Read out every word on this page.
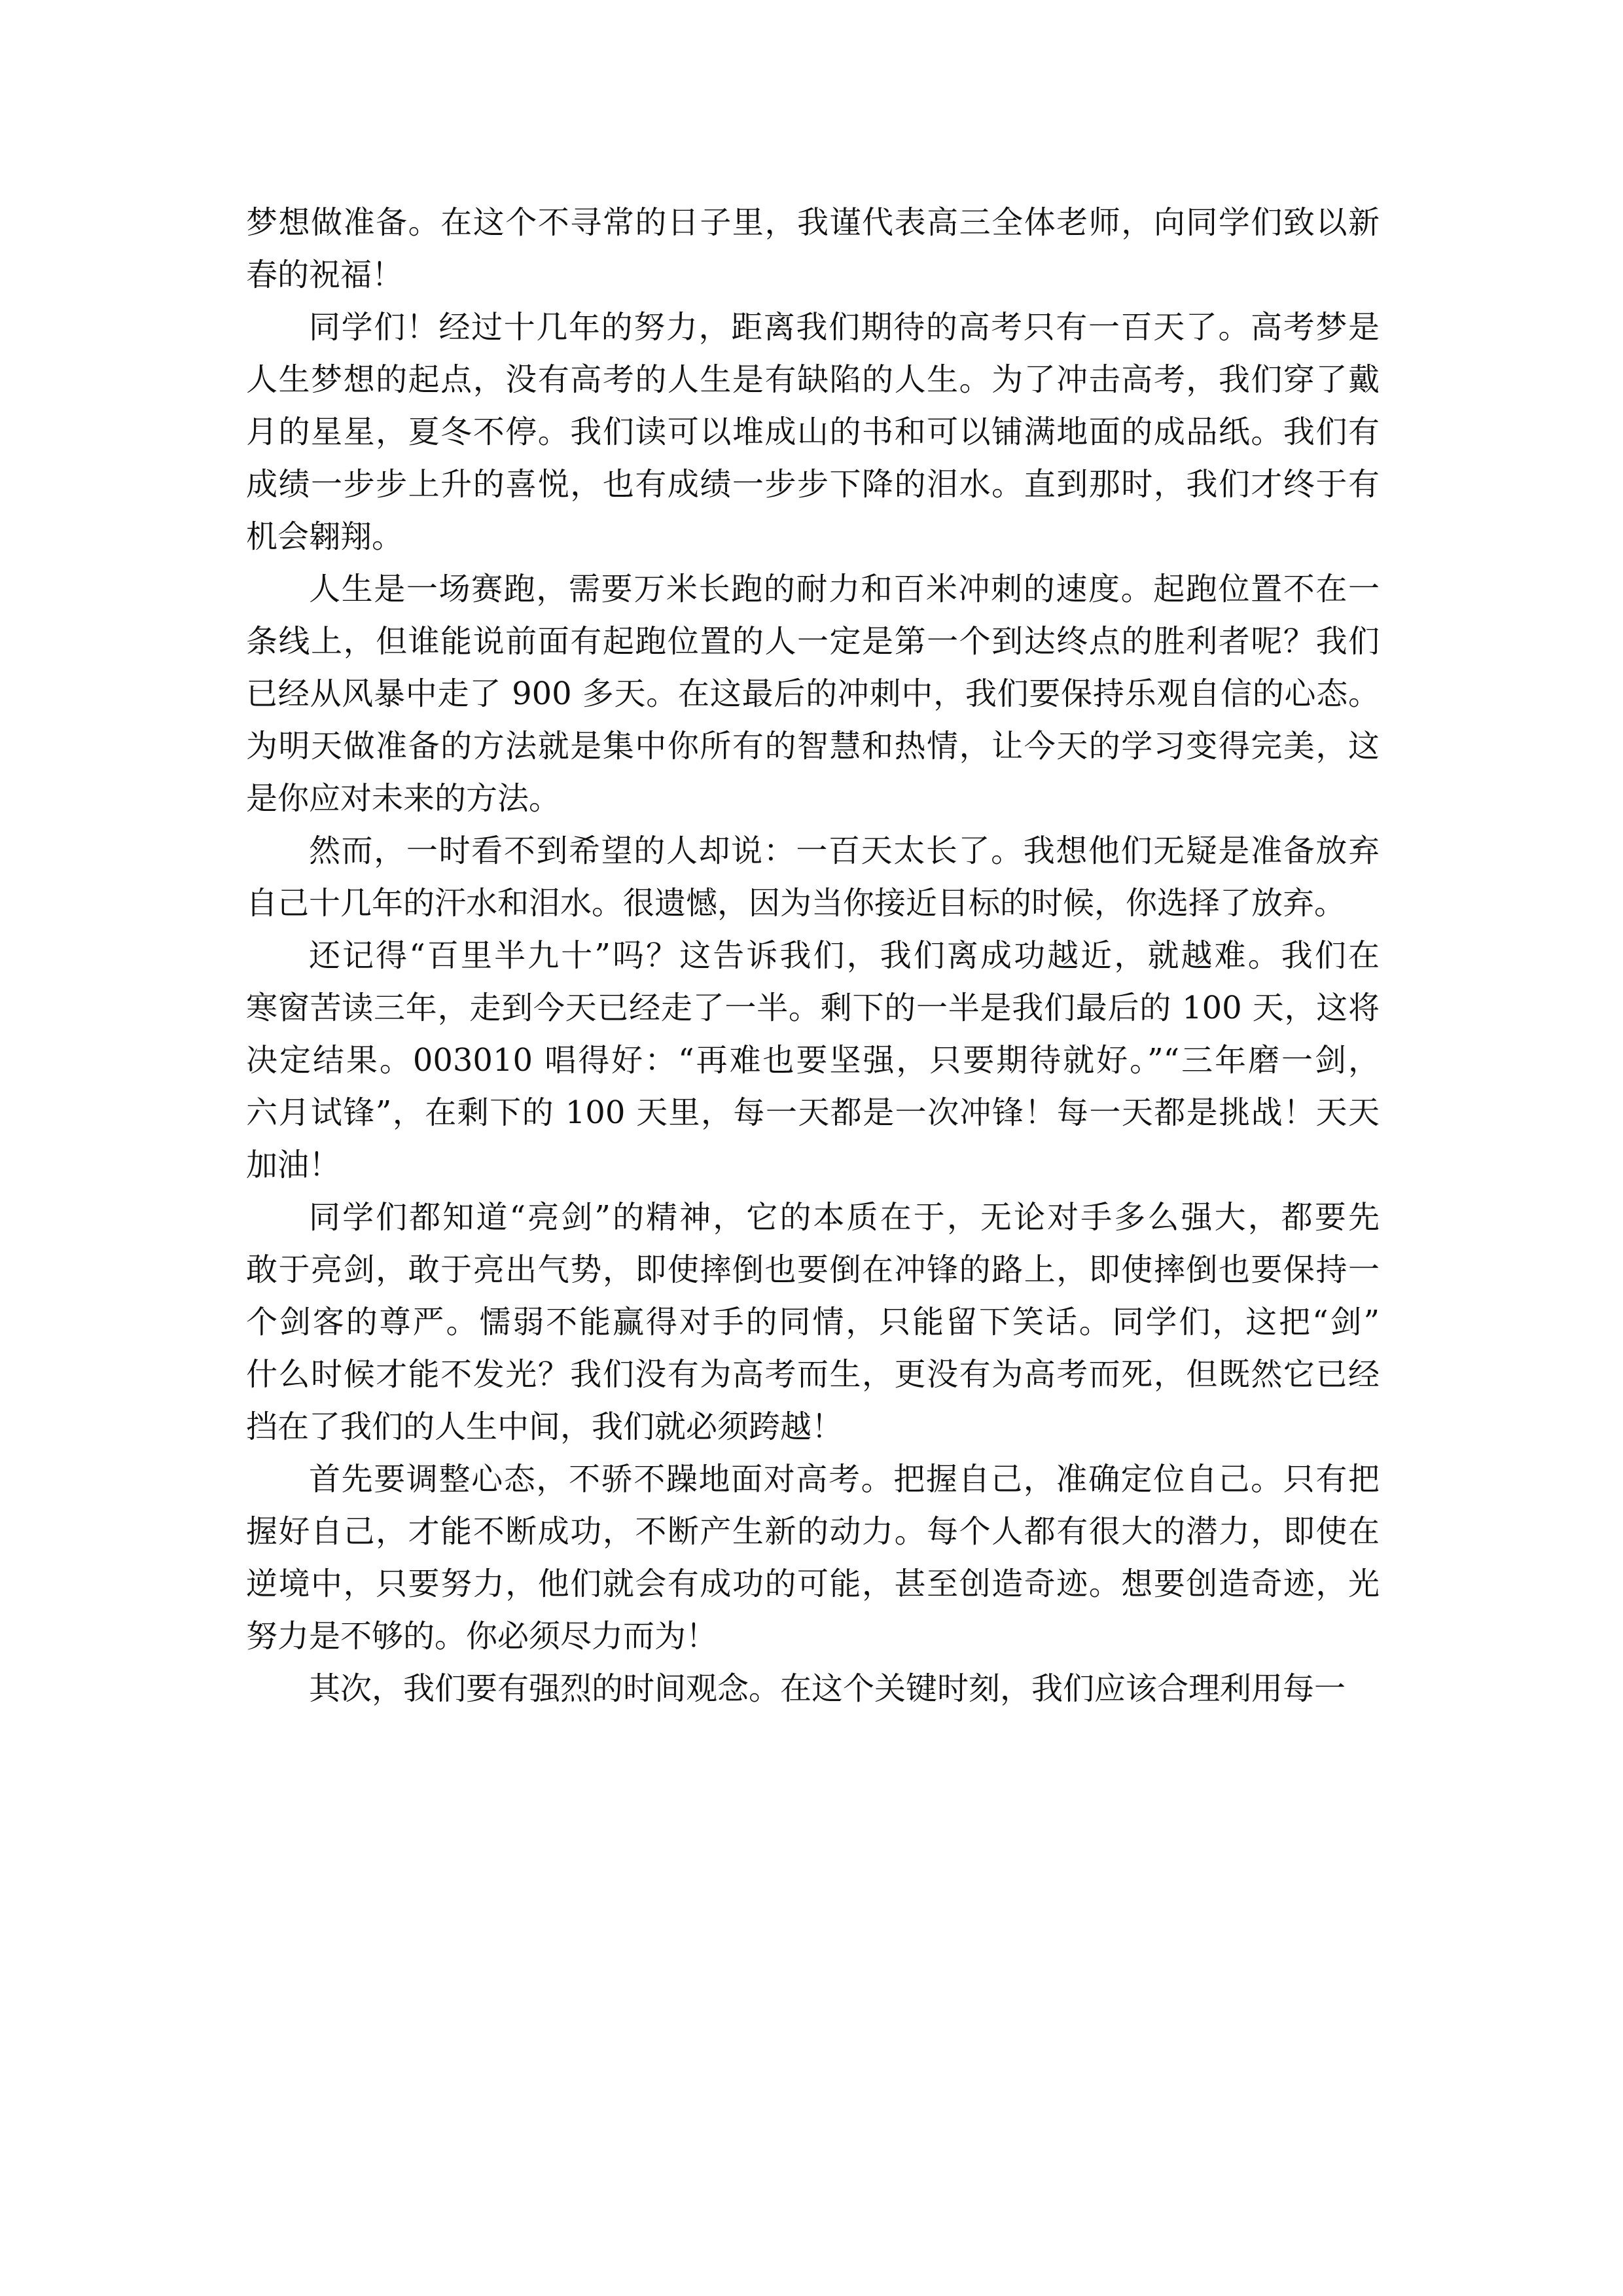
梦想做准备。在这个不寻常的日子里，我谨代表高三全体老师，向同学们致以新
春的祝福！
同学们！经过十几年的努力，距离我们期待的高考只有一百天了。高考梦是
人生梦想的起点，没有高考的人生是有缺陷的人生。为了冲击高考，我们穿了戴
月的星星，夏冬不停。我们读可以堆成山的书和可以铺满地面的成品纸。我们有
成绩一步步上升的喜悦，也有成绩一步步下降的泪水。直到那时，我们才终于有
机会翱翔。
人生是一场赛跑，需要万米长跑的耐力和百米冲刺的速度。起跑位置不在一
条线上，但谁能说前面有起跑位置的人一定是第一个到达终点的胜利者呢？我们
已经从风暴中走了 900 多天。在这最后的冲刺中，我们要保持乐观自信的心态。
为明天做准备的方法就是集中你所有的智慧和热情，让今天的学习变得完美，这
是你应对未来的方法。
然而，一时看不到希望的人却说：一百天太长了。我想他们无疑是准备放弃
自己十几年的汗水和泪水。很遗憾，因为当你接近目标的时候，你选择了放弃。
还记得“百里半九十”吗？这告诉我们，我们离成功越近，就越难。我们在
寒窗苦读三年，走到今天已经走了一半。剩下的一半是我们最后的 100 天，这将
决定结果。003010 唱得好：“再难也要坚强，只要期待就好。”“三年磨一剑，
六月试锋”，在剩下的 100 天里，每一天都是一次冲锋！每一天都是挑战！天天
加油！
同学们都知道“亮剑”的精神，它的本质在于，无论对手多么强大，都要先
敢于亮剑，敢于亮出气势，即使摔倒也要倒在冲锋的路上，即使摔倒也要保持一
个剑客的尊严。懦弱不能赢得对手的同情，只能留下笑话。同学们，这把“剑”
什么时候才能不发光？我们没有为高考而生，更没有为高考而死，但既然它已经
挡在了我们的人生中间，我们就必须跨越！
首先要调整心态，不骄不躁地面对高考。把握自己，准确定位自己。只有把
握好自己，才能不断成功，不断产生新的动力。每个人都有很大的潜力，即使在
逆境中，只要努力，他们就会有成功的可能，甚至创造奇迹。想要创造奇迹，光
努力是不够的。你必须尽力而为！
其次，我们要有强烈的时间观念。在这个关键时刻，我们应该合理利用每一
